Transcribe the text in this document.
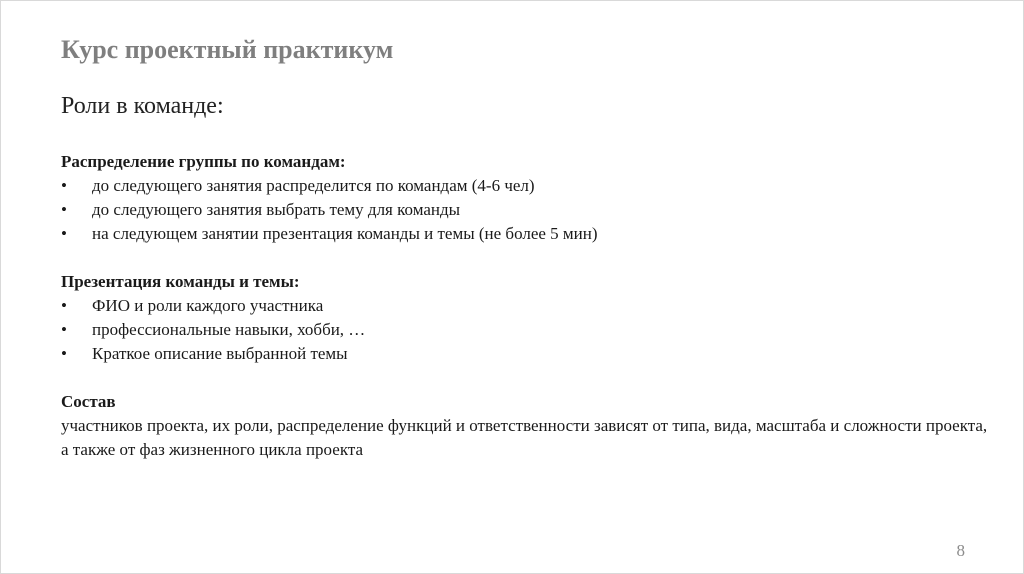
Курс проектный практикум
Роли в команде:
Распределение группы по командам:
• до следующего занятия распределится по командам (4-6 чел)
• до следующего занятия выбрать тему для команды
• на следующем занятии презентация команды и темы (не более 5 мин)
Презентация команды и темы:
• ФИО и роли каждого участника
• профессиональные навыки, хобби, …
• Краткое описание выбранной темы
Состав
участников проекта, их роли, распределение функций и ответственности зависят от типа, вида, масштаба и сложности проекта, а также от фаз жизненного цикла проекта
8
